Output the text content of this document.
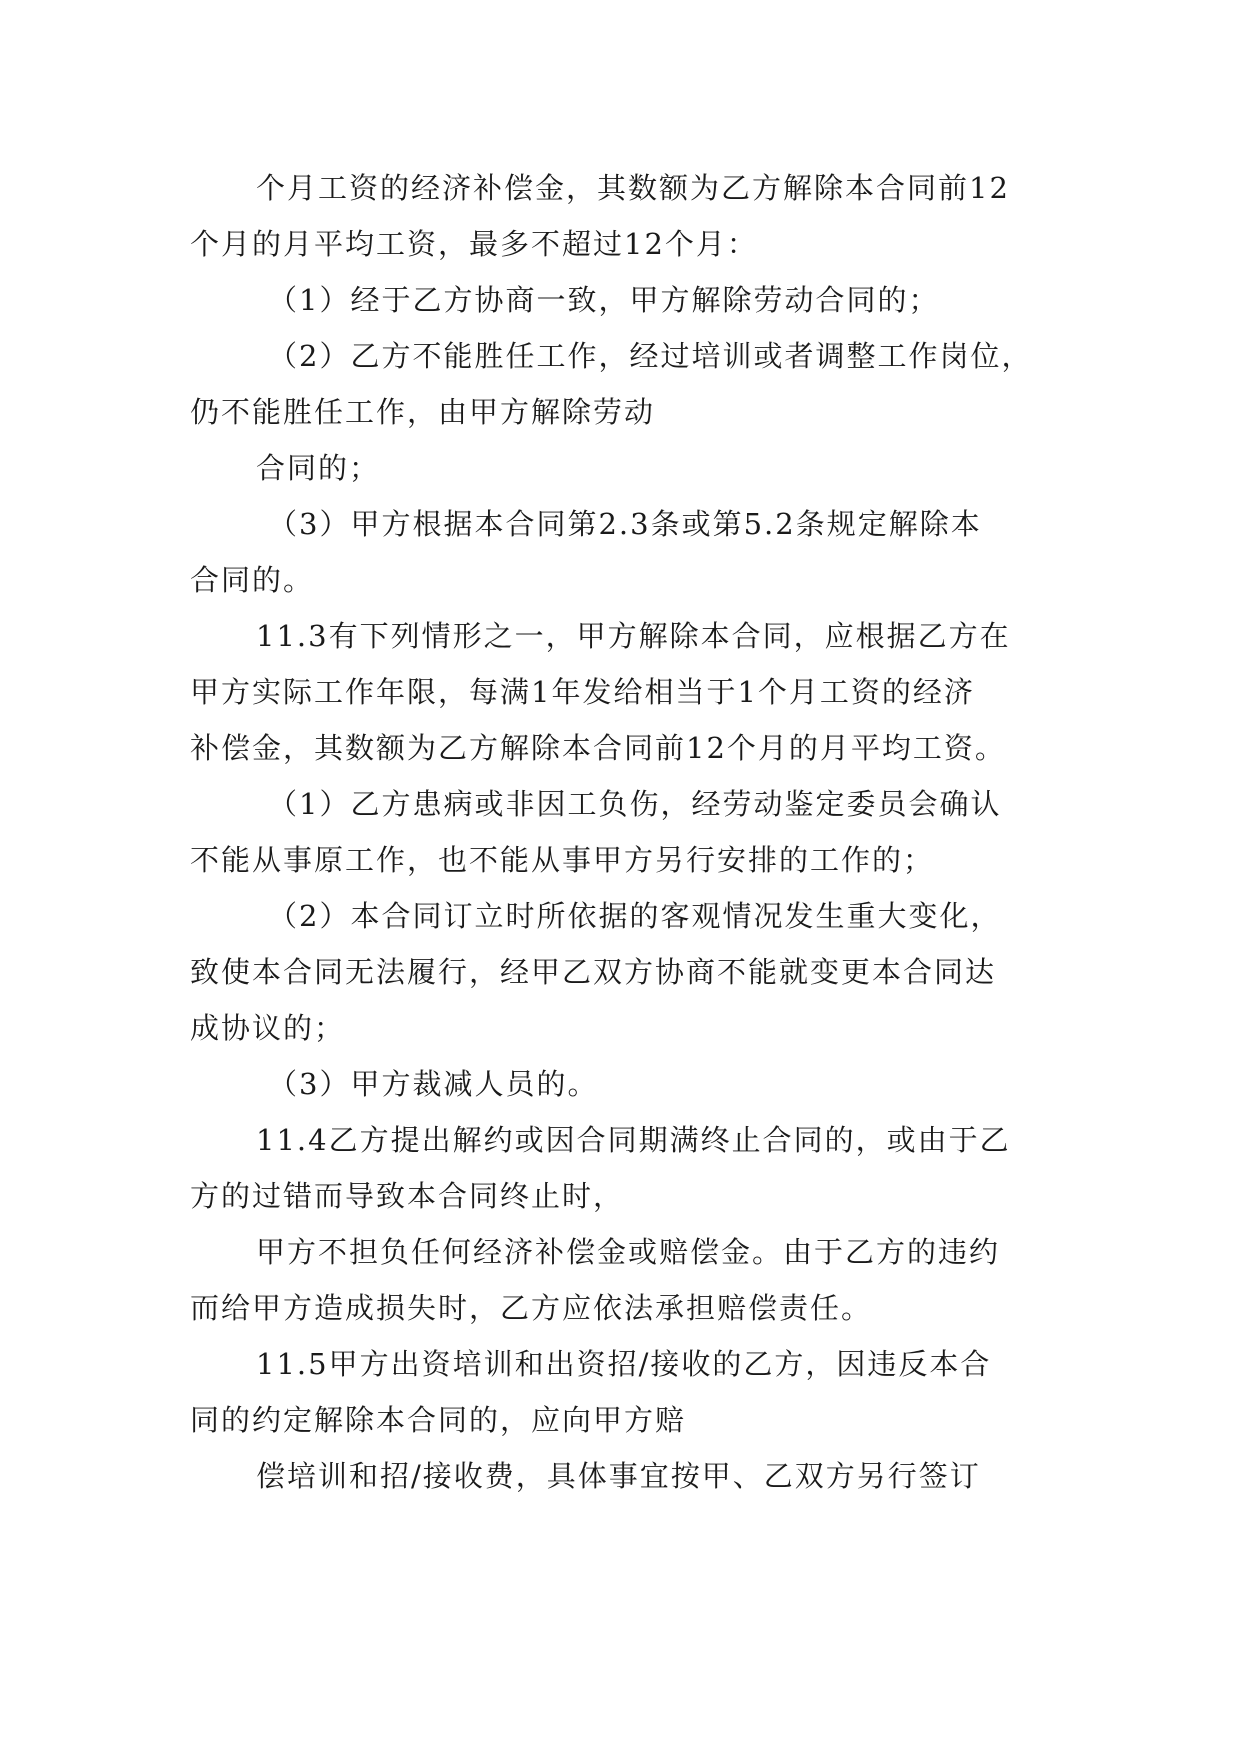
个月工资的经济补偿金，其数额为乙方解除本合同前12
个月的月平均工资，最多不超过12个月：
（1）经于乙方协商一致，甲方解除劳动合同的；
（2）乙方不能胜任工作，经过培训或者调整工作岗位，
仍不能胜任工作，由甲方解除劳动
合同的；
（3）甲方根据本合同第2.3条或第5.2条规定解除本
合同的。
11.3有下列情形之一，甲方解除本合同，应根据乙方在
甲方实际工作年限，每满1年发给相当于1个月工资的经济
补偿金，其数额为乙方解除本合同前12个月的月平均工资。
（1）乙方患病或非因工负伤，经劳动鉴定委员会确认
不能从事原工作，也不能从事甲方另行安排的工作的；
（2）本合同订立时所依据的客观情况发生重大变化，
致使本合同无法履行，经甲乙双方协商不能就变更本合同达
成协议的；
（3）甲方裁减人员的。
11.4乙方提出解约或因合同期满终止合同的，或由于乙
方的过错而导致本合同终止时，
甲方不担负任何经济补偿金或赔偿金。由于乙方的违约
而给甲方造成损失时，乙方应依法承担赔偿责任。
11.5甲方出资培训和出资招/接收的乙方，因违反本合
同的约定解除本合同的，应向甲方赔
偿培训和招/接收费，具体事宜按甲、乙双方另行签订
